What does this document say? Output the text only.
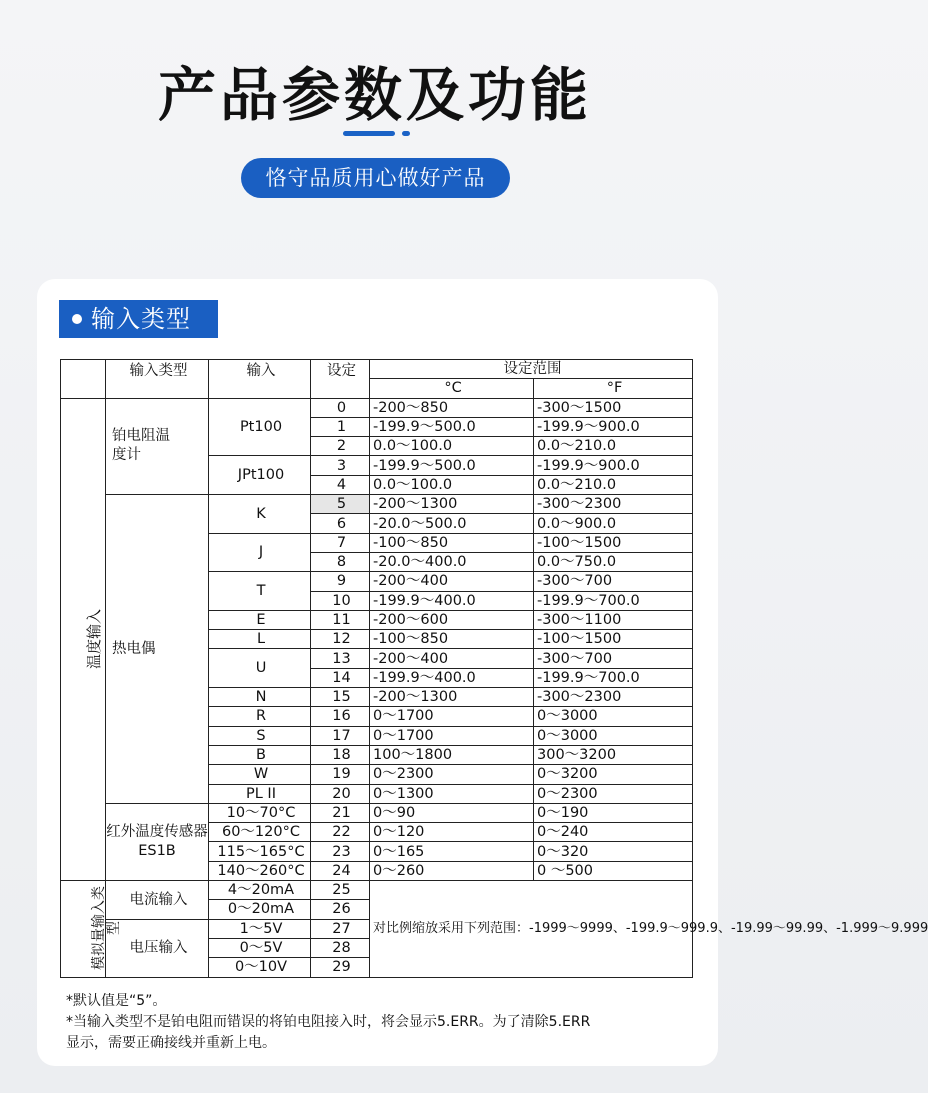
产品参数及功能
恪守品质用心做好产品
输入类型
	输入类型	输入	设定	设定范围	
				°C	°F
温度输入	铂电阻温度计	Pt100	0	-200～850	-300～1500
			1	-199.9～500.0	-199.9～900.0
			2	0.0～100.0	0.0～210.0
		JPt100	3	-199.9～500.0	-199.9～900.0
			4	0.0～100.0	0.0～210.0
	热电偶	K	5	-200～1300	-300～2300
			6	-20.0～500.0	0.0～900.0
		J	7	-100～850	-100～1500
			8	-20.0～400.0	0.0～750.0
		T	9	-200～400	-300～700
			10	-199.9～400.0	-199.9～700.0
		E	11	-200～600	-300～1100
		L	12	-100～850	-100～1500
		U	13	-200～400	-300～700
			14	-199.9～400.0	-199.9～700.0
		N	15	-200～1300	-300～2300
		R	16	0～1700	0～3000
		S	17	0～1700	0～3000
		B	18	100～1800	300～3200
		W	19	0～2300	0～3200
		PL II	20	0～1300	0～2300
	红外温度传感器ES1B	10～70°C	21	0～90	0～190
		60～120°C	22	0～120	0～240
		115～165°C	23	0～165	0～320
		140～260°C	24	0～260	0 ～500
模拟量输入类型	电流输入	4～20mA	25	对比例缩放采用下列范围：-1999～9999、-199.9～999.9、-19.99～99.99、-1.999～9.999	
		0～20mA	26		
	电压输入	1～5V	27		
		0～5V	28		
		0～10V	29		
*默认值是“5”。
*当输入类型不是铂电阻而错误的将铂电阻接入时，将会显示5.ERR。为了清除5.ERR
显示，需要正确接线并重新上电。
